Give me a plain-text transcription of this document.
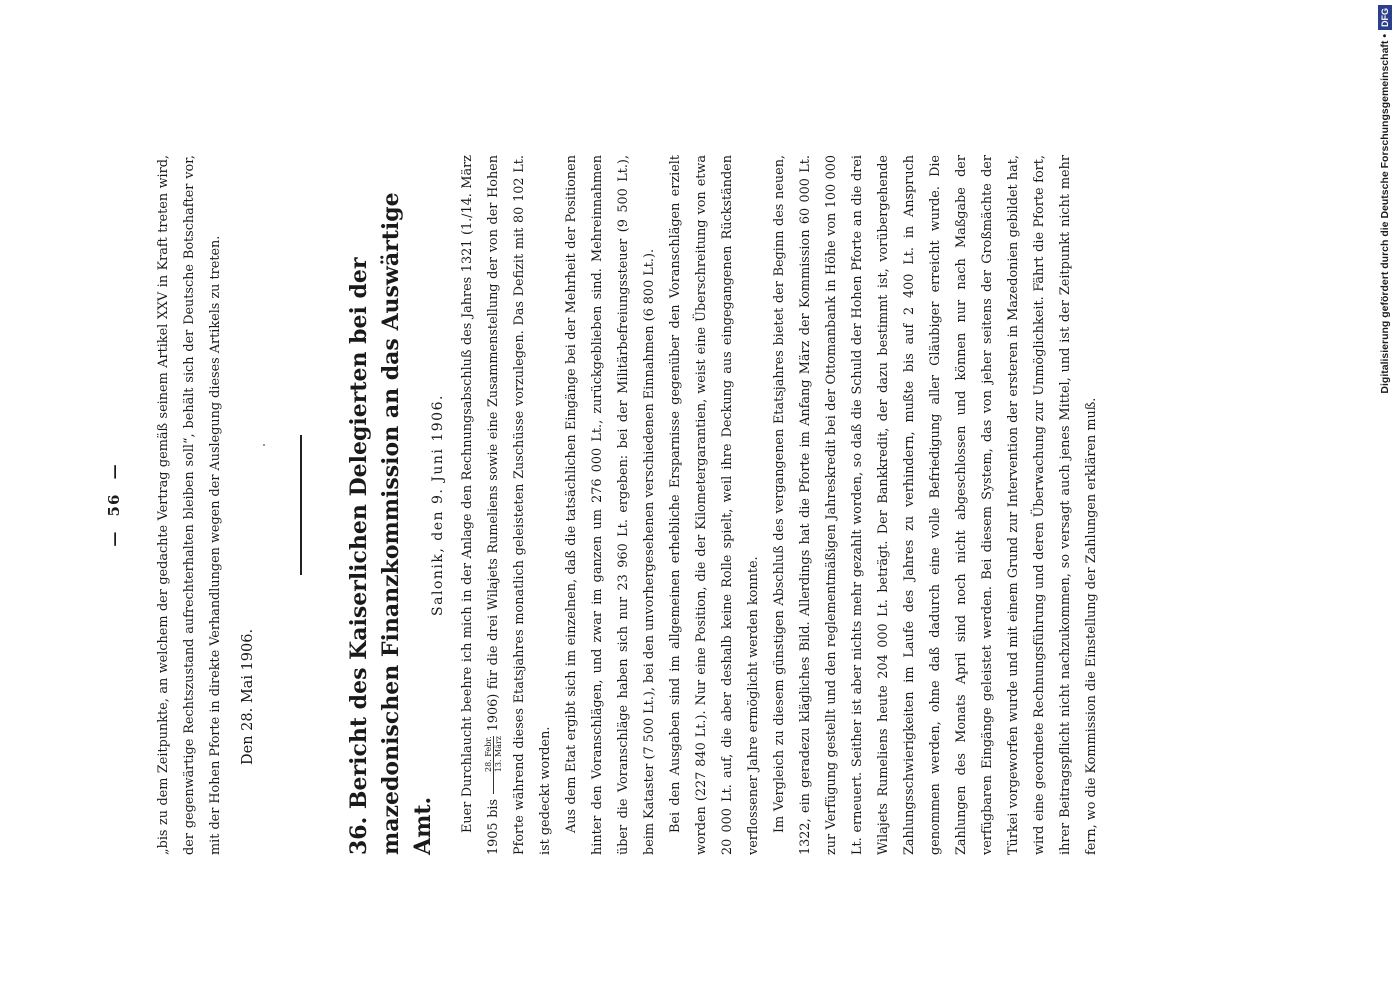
— 56 —	„bis zu dem Zeitpunkte, an welchem der gedachte Vertrag gemäß seinem Artikel XXV in Kraft treten wird, der gegenwärtige Rechtszustand aufrechterhalten bleiben soll“, behält sich der Deutsche Botschafter vor, mit der Hohen Pforte in direkte Verhandlungen wegen der Auslegung dieses Artikels zu treten.	Den 28. Mai 1906.	36. Bericht des Kaiserlichen Delegierten bei der mazedonischen Finanzkommission an das Auswärtige Amt.

Salonik, den 9. Juni 1906.	Euer Durchlaucht beehre ich mich in der Anlage den Rechnungsabschluß des Jahres 1321 (1./14. März 1905 bis
28. Febr. 13. März
1906) für die drei Wilajets Rumeliens sowie eine Zusammenstellung der von der Hohen Pforte während dieses Etatsjahres monatlich geleisteten Zuschüsse vorzulegen. Das Defizit mit 80 102 Lt. ist gedeckt worden. Aus dem Etat ergibt sich im einzelnen, daß die tatsächlichen Eingänge bei der Mehrheit der Positionen hinter den Voranschlägen, und zwar im ganzen um 276 000 Lt., zurückgeblieben sind. Mehreinnahmen über die Voranschläge haben sich nur 23 960 Lt. ergeben: bei der Militärbefreiungssteuer (9 500 Lt.), beim Kataster (7 500 Lt.), bei den unvorhergesehenen verschiedenen Einnahmen (6 800 Lt.). Bei den Ausgaben sind im allgemeinen erhebliche Ersparnisse gegenüber den Voranschlägen erzielt worden (227 840 Lt.). Nur eine Position, die der Kilometergarantien, weist eine Überschreitung von etwa 20 000 Lt. auf, die aber deshalb keine Rolle spielt, weil ihre Deckung aus eingegangenen Rückständen verflossener Jahre ermöglicht werden konnte. Im Vergleich zu diesem günstigen Abschluß des vergangenen Etatsjahres bietet der Beginn des neuen, 1322, ein geradezu klägliches Bild. Allerdings hat die Pforte im Anfang März der Kommission 60 000 Lt. zur Verfügung gestellt und den reglementmäßigen Jahreskredit bei der Ottomanbank in Höhe von 100 000 Lt. erneuert. Seither ist aber nichts mehr gezahlt worden, so daß die Schuld der Hohen Pforte an die drei Wilajets Rumeliens heute 204 000 Lt. beträgt. Der Bankkredit, der dazu bestimmt ist, vorübergehende Zahlungsschwierigkeiten im Laufe des Jahres zu verhindern, mußte bis auf 2 400 Lt. in Anspruch genommen werden, ohne daß dadurch eine volle Befriedigung aller Gläubiger erreicht wurde. Die Zahlungen des Monats April sind noch nicht abgeschlossen und können nur nach Maßgabe der verfügbaren Eingänge geleistet werden. Bei diesem System, das von jeher seitens der Großmächte der Türkei vorgeworfen wurde und mit einem Grund zur Intervention der ersteren in Mazedonien gebildet hat, wird eine geordnete Rechnungsführung und deren Überwachung zur Unmöglichkeit. Fährt die Pforte fort, ihrer Beitragspflicht nicht nachzukommen, so versagt auch jenes Mittel, und ist der Zeitpunkt nicht mehr fern, wo die Kommission die Einstellung der Zahlungen erklären muß.

Digitalisierung gefördert durch die Deutsche Forschungsgemeinschaft •DFG
